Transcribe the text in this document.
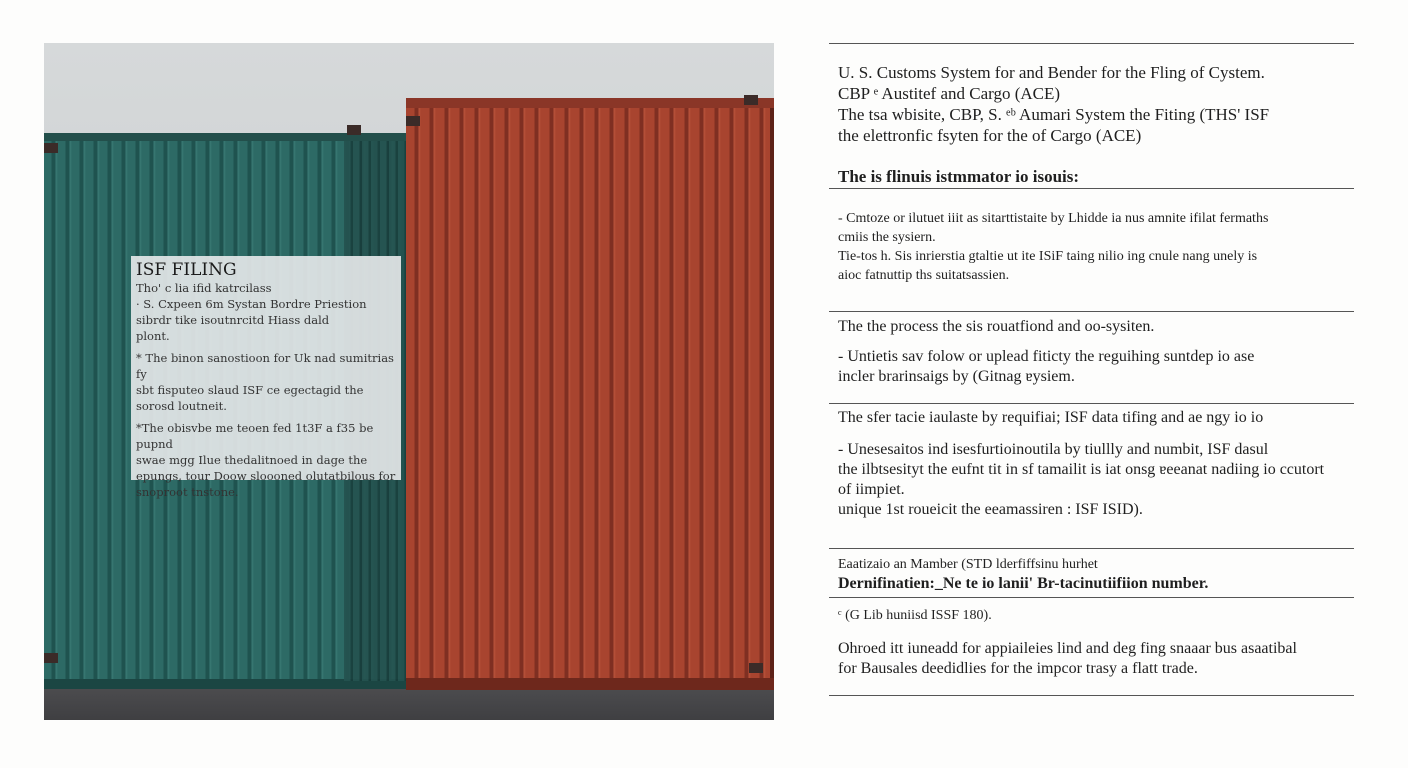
ISF FILING
Tho' c lia ifid katrcilass
· S. Cxpeen 6m Systan Bordre Priestion
sibrdr tike isoutnrcitd Hiass dald
plont.
* The binon sanostioon for Uk nad sumitrias fy
sbt fisputeo slaud ISF ce egectagid the
sorosd loutneit.
*The obisvbe me teoen fed 1t3F a f35 be pupnd
swae mgg Ilue thedalitnoed in dage the
epungs, tour Doow sloooned olutatbilous for
snoproot tnstone.
U. S. Customs System for and Bender for the Fling of Cystem.
CBP ᵉ Austitef and Cargo (ACE)
The tsa wbisite, CBP, S. ᵉᵇ Aumari System the Fiting (THS' ISF
the elettronfic fsyten for the of Cargo (ACE)
The is flinuis istmmator io isouis:
- Cmtoze or ilutuet iiit as sitarttistaite by Lhidde ia nus amnite ifilat fermaths
cmiis the sysiern.
Tie-tos h. Sis inrierstia gtaltie ut ite ISiF taing nilio ing cnule nang unely is
aioc fatnuttip ths suitatsassien.
The the process the sis rouatfiond and oo-sysiten.
- Untietis sav folow or uplead fiticty the reguihing suntdep io ase
incler brarinsaigs by (Gitnag ɐysiem.
The sfer tacie iaulaste by requifiai; ISF data tifing and ae ngy io io
- Unesesaitos ind isesfurtioinoutila by tiullly and numbit, ISF dasul
the ilbtsesityt the eufnt tit in sf tamailit is iat onsg ɐeeanat nadiing io ccutort
of iimpiet.
unique 1st roueicit the eeamassiren : ISF ISID).
Eaatizaio an Mamber (STD lderfiffsinu hurhet
Dernifinatien:_Ne te io lanii' Br-tacinutiifiion number.
ᶜ (G Lib huniisd ISSF 180).
Ohroed itt iuneadd for appiaileies lind and deg fing snaaar bus asaatibal
for Bausales deedidlies for the impcor trasy a flatt trade.
